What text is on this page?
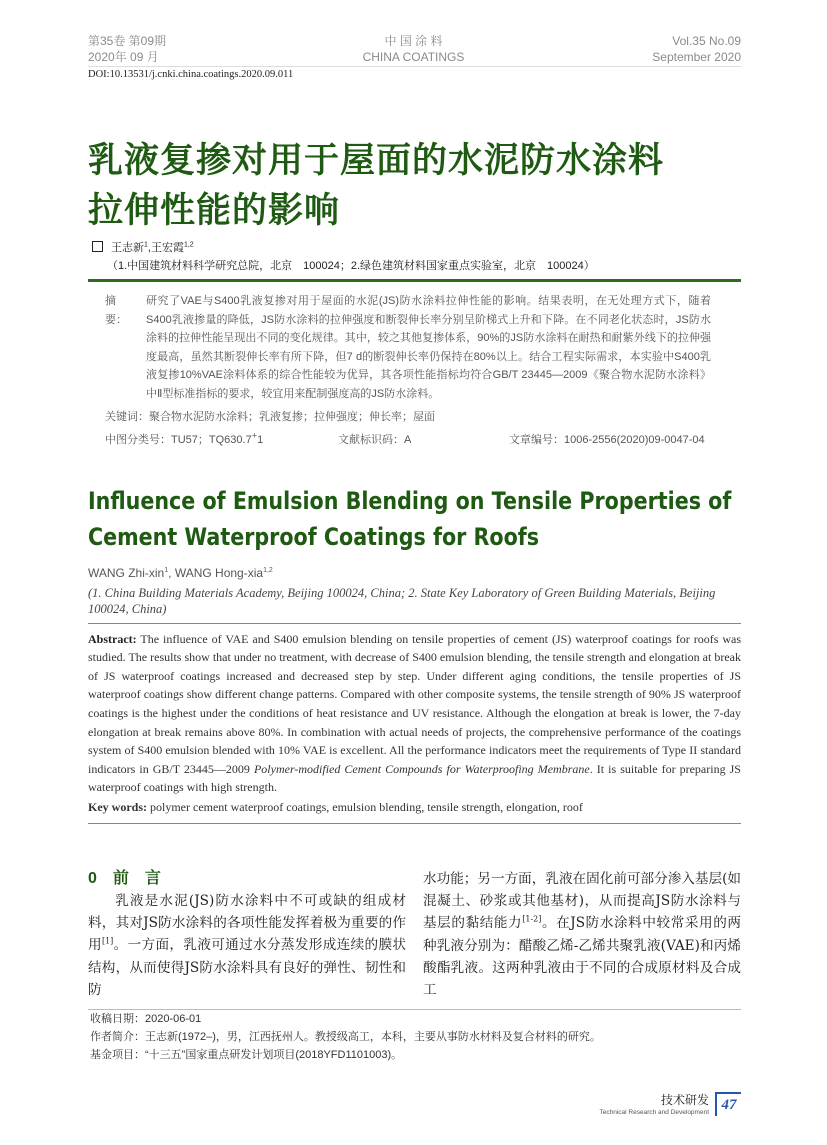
第35卷 第09期
2020年 09 月
中 国 涂 料
CHINA COATINGS
Vol.35 No.09
September 2020
DOI:10.13531/j.cnki.china.coatings.2020.09.011
乳液复掺对用于屋面的水泥防水涂料
拉伸性能的影响
王志新$^1$,王宏霞$^{1,2}$
（1.中国建筑材料科学研究总院，北京　100024；2.绿色建筑材料国家重点实验室，北京　100024）
摘　要：
研究了VAE与S400乳液复掺对用于屋面的水泥(JS)防水涂料拉伸性能的影响。结果表明，在无处理方式下，随着S400乳液掺量的降低，JS防水涂料的拉伸强度和断裂伸长率分别呈阶梯式上升和下降。在不同老化状态时，JS防水涂料的拉伸性能呈现出不同的变化规律。其中，较之其他复掺体系，90%的JS防水涂料在耐热和耐紫外线下的拉伸强度最高，虽然其断裂伸长率有所下降，但7 d的断裂伸长率仍保持在80%以上。结合工程实际需求，本实验中S400乳液复掺10%VAE涂料体系的综合性能较为优异，其各项性能指标均符合GB/T 23445—2009《聚合物水泥防水涂料》中Ⅱ型标准指标的要求，较宜用来配制强度高的JS防水涂料。
关键词：聚合物水泥防水涂料；乳液复掺；拉伸强度；伸长率；屋面
中图分类号：TU57；TQ630.7+1	文献标识码：A	文章编号：1006-2556(2020)09-0047-04
Influence of Emulsion Blending on Tensile Properties of
Cement Waterproof Coatings for Roofs
WANG Zhi-xin$^1$, WANG Hong-xia$^{1,2}$
(1. China Building Materials Academy, Beijing 100024, China; 2. State Key Laboratory of Green Building Materials, Beijing 100024, China)
Abstract: The influence of VAE and S400 emulsion blending on tensile properties of cement (JS) waterproof coatings for roofs was studied. The results show that under no treatment, with decrease of S400 emulsion blending, the tensile strength and elongation at break of JS waterproof coatings increased and decreased step by step. Under different aging conditions, the tensile properties of JS waterproof coatings show different change patterns. Compared with other composite systems, the tensile strength of 90% JS waterproof coatings is the highest under the conditions of heat resistance and UV resistance. Although the elongation at break is lower, the 7-day elongation at break remains above 80%. In combination with actual needs of projects, the comprehensive performance of the coatings system of S400 emulsion blended with 10% VAE is excellent. All the performance indicators meet the requirements of Type II standard indicators in GB/T 23445—2009 Polymer-modified Cement Compounds for Waterproofing Membrane. It is suitable for preparing JS waterproof coatings with high strength.
Key words: polymer cement waterproof coatings, emulsion blending, tensile strength, elongation, roof
0　前　言
乳液是水泥(JS)防水涂料中不可或缺的组成材料，其对JS防水涂料的各项性能发挥着极为重要的作用[1]。一方面，乳液可通过水分蒸发形成连续的膜状结构，从而使得JS防水涂料具有良好的弹性、韧性和防
水功能；另一方面，乳液在固化前可部分渗入基层(如混凝土、砂浆或其他基材)，从而提高JS防水涂料与基层的黏结能力[1-2]。在JS防水涂料中较常采用的两种乳液分别为：醋酸乙烯-乙烯共聚乳液(VAE)和丙烯酸酯乳液。这两种乳液由于不同的合成原材料及合成工
收稿日期：2020-06-01
作者简介：王志新(1972–)，男，江西抚州人。教授级高工，本科，主要从事防水材料及复合材料的研究。
基金项目：“十三五”国家重点研发计划项目(2018YFD1101003)。
技术研发
Technical Research and Development 47
